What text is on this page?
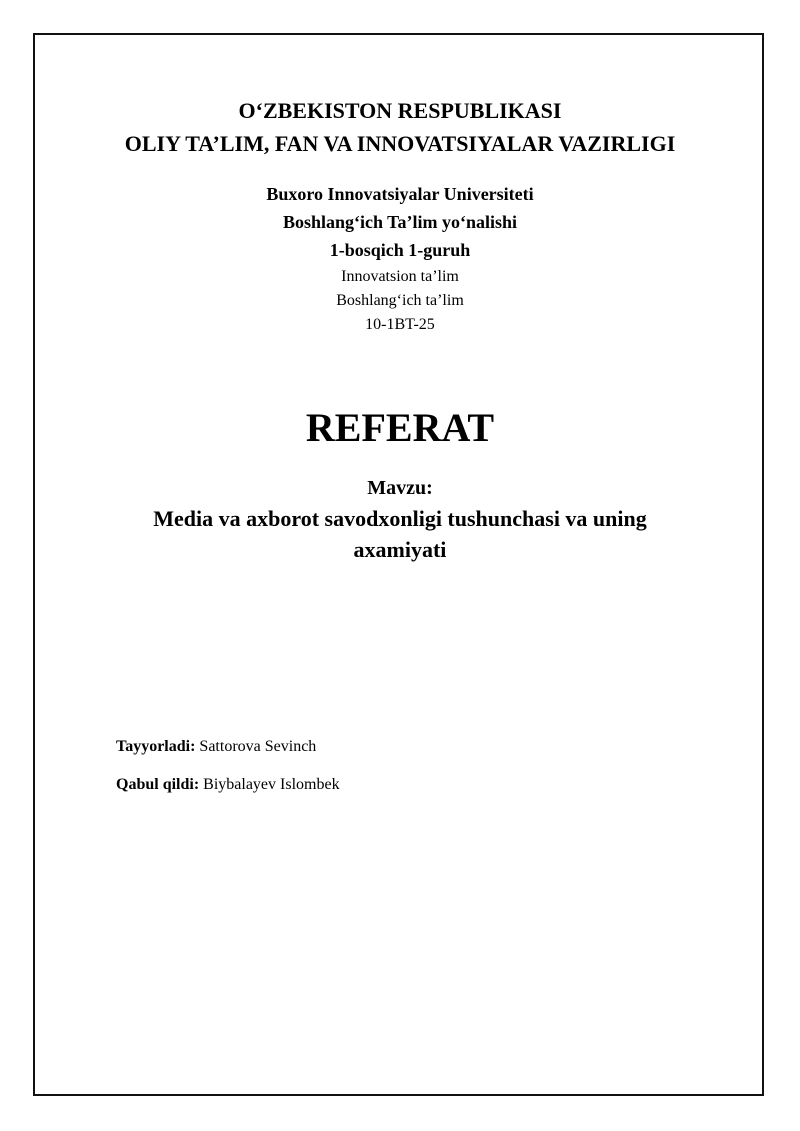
O‘ZBEKISTON RESPUBLIKASI

OLIY TA’LIM, FAN VA INNOVATSIYALAR VAZIRLIGI

Buxoro Innovatsiyalar Universiteti

Boshlang‘ich Ta’lim yo‘nalishi

1-bosqich 1-guruh

Innovatsion ta’lim

Boshlang‘ich ta’lim

10-1BT-25

REFERAT

Mavzu:

Media va axborot savodxonligi tushunchasi va uning

axamiyati

Tayyorladi: Sattorova Sevinch

Qabul qildi: Biybalayev Islombek
